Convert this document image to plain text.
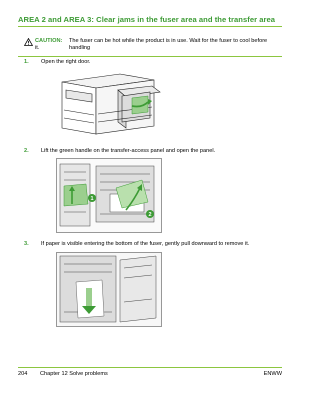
AREA 2 and AREA 3: Clear jams in the fuser area and the transfer area
CAUTION: The fuser can be hot while the product is in use. Wait for the fuser to cool before handling
it.
1. Open the right door.
2. Lift the green handle on the transfer-access panel and open the panel.
1
2
3. If paper is visible entering the bottom of the fuser, gently pull downward to remove it.
204 Chapter 12 Solve problems	ENWW
